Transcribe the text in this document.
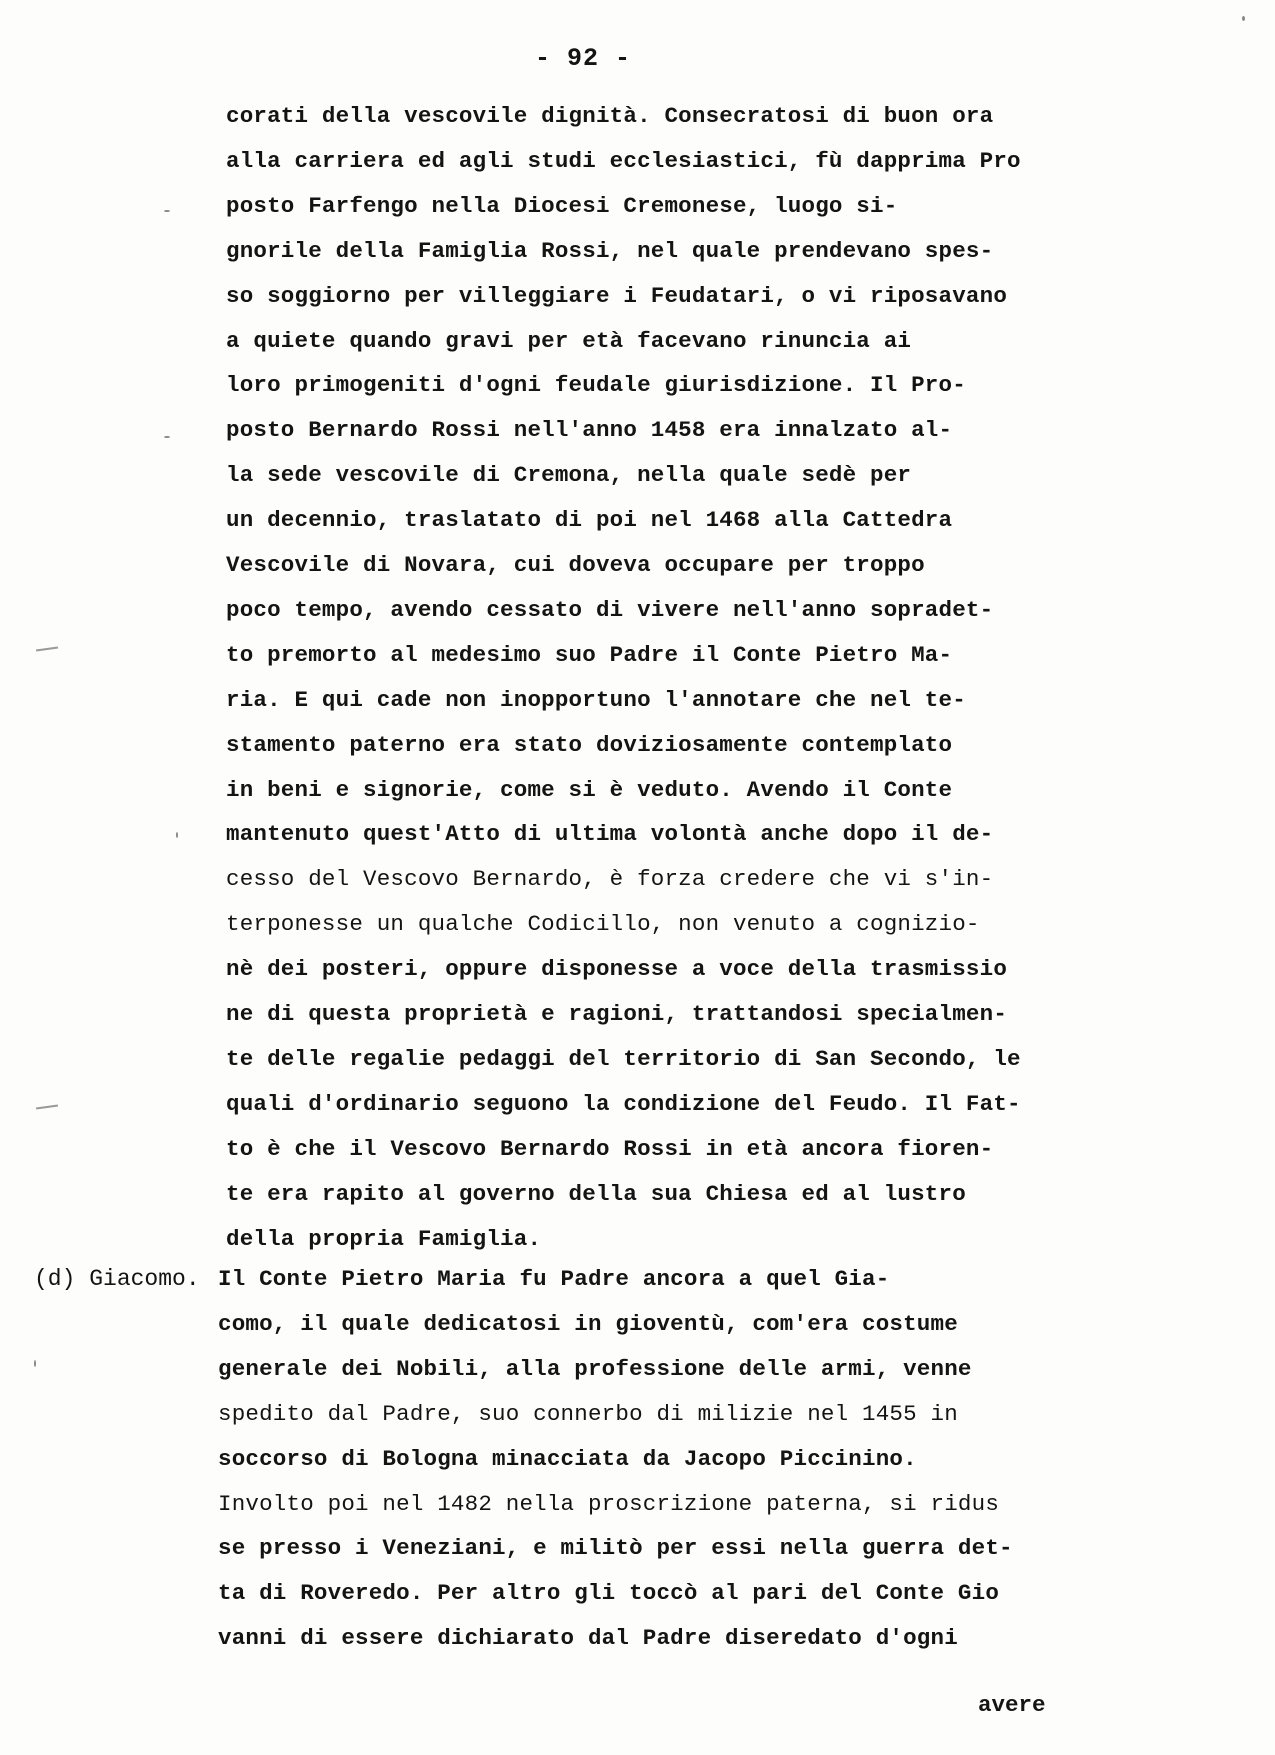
- 92 -
corati della vescovile dignità. Consecratosi di buon ora
alla carriera ed agli studi ecclesiastici, fù dapprima Pro
posto Farfengo nella Diocesi Cremonese, luogo si-
gnorile della Famiglia Rossi, nel quale prendevano spes-
so soggiorno per villeggiare i Feudatari, o vi riposavano
a quiete quando gravi per età facevano rinuncia ai
loro primogeniti d'ogni feudale giurisdizione. Il Pro-
posto Bernardo Rossi nell'anno 1458 era innalzato al-
la sede vescovile di Cremona, nella quale sedè per
un decennio, traslatato di poi nel 1468 alla Cattedra
Vescovile di Novara, cui doveva occupare per troppo
poco tempo, avendo cessato di vivere nell'anno sopradet-
to premorto al medesimo suo Padre il Conte Pietro Ma-
ria. E qui cade non inopportuno l'annotare che nel te-
stamento paterno era stato doviziosamente contemplato
in beni e signorie, come si è veduto. Avendo il Conte
mantenuto quest'Atto di ultima volontà anche dopo il de-
cesso del Vescovo Bernardo, è forza credere che vi s'in-
terponesse un qualche Codicillo, non venuto a cognizio-
nè dei posteri, oppure disponesse a voce della trasmissio
ne di questa proprietà e ragioni, trattandosi specialmen-
te delle regalie pedaggi del territorio di San Secondo, le
quali d'ordinario seguono la condizione del Feudo. Il Fat-
to è che il Vescovo Bernardo Rossi in età ancora fioren-
te era rapito al governo della sua Chiesa ed al lustro
della propria Famiglia.
(d) Giacomo. Il Conte Pietro Maria fu Padre ancora a quel Gia-
como, il quale dedicatosi in gioventù, com'era costume
generale dei Nobili, alla professione delle armi, venne
spedito dal Padre, suo connerbo di milizie nel 1455 in
soccorso di Bologna minacciata da Jacopo Piccinino.
Involto poi nel 1482 nella proscrizione paterna, si ridus
se presso i Veneziani, e militò per essi nella guerra det-
ta di Roveredo. Per altro gli toccò al pari del Conte Gio
vanni di essere dichiarato dal Padre diseredato d'ogni
avere
